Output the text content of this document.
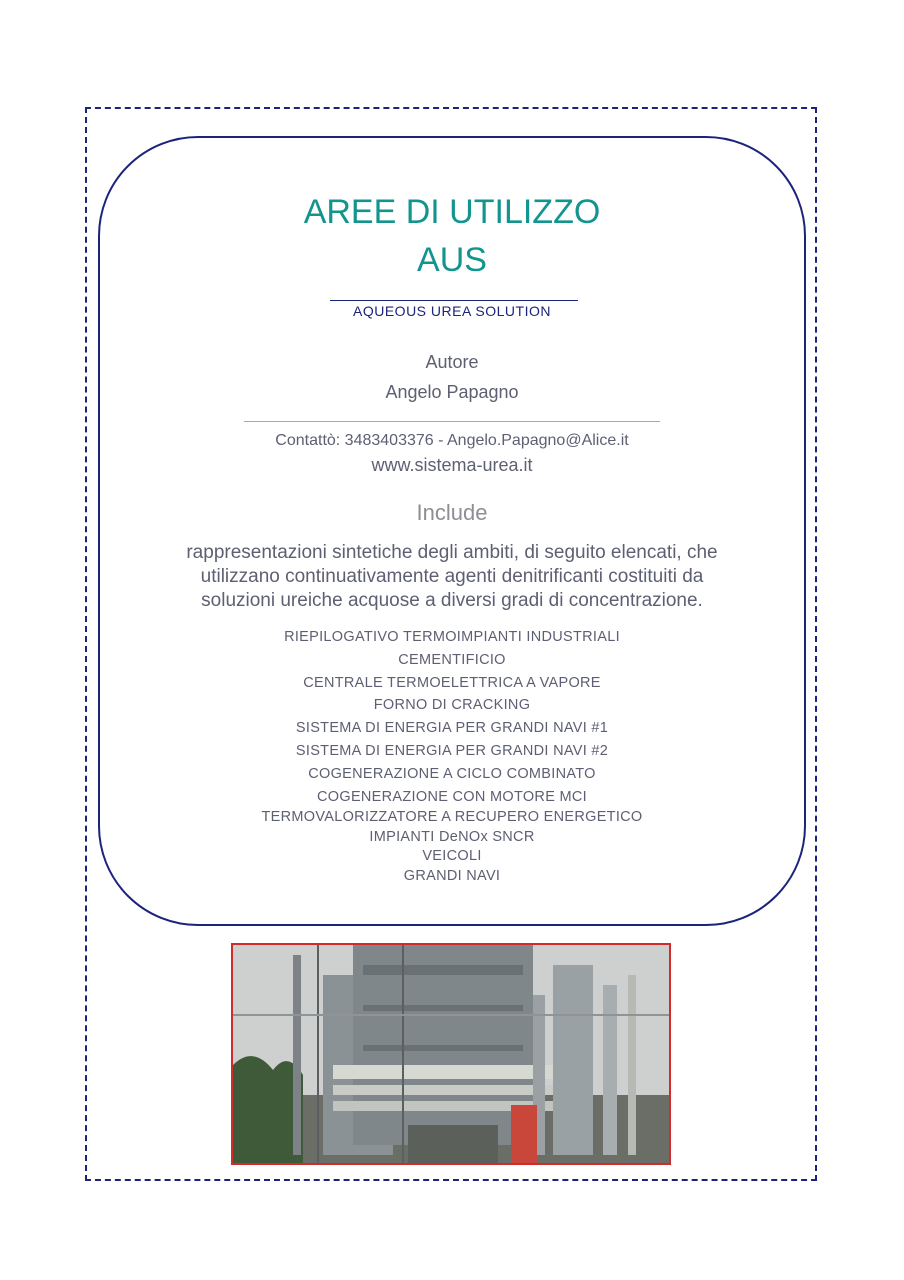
AREE DI UTILIZZO
AUS
AQUEOUS UREA SOLUTION
Autore
Angelo Papagno
Contattò: 3483403376 - Angelo.Papagno@Alice.it
www.sistema-urea.it
Include
rappresentazioni sintetiche degli ambiti, di seguito elencati, che
utilizzano continuativamente agenti denitrificanti costituiti da
soluzioni ureiche acquose a diversi gradi di concentrazione.
RIEPILOGATIVO TERMOIMPIANTI INDUSTRIALI
CEMENTIFICIO
CENTRALE TERMOELETTRICA A VAPORE
FORNO DI CRACKING
SISTEMA DI ENERGIA PER GRANDI NAVI #1
SISTEMA DI ENERGIA PER GRANDI NAVI #2
COGENERAZIONE A CICLO COMBINATO
COGENERAZIONE CON MOTORE MCI
TERMOVALORIZZATORE A RECUPERO ENERGETICO
IMPIANTI DeNOx SNCR
VEICOLI
GRANDI NAVI
